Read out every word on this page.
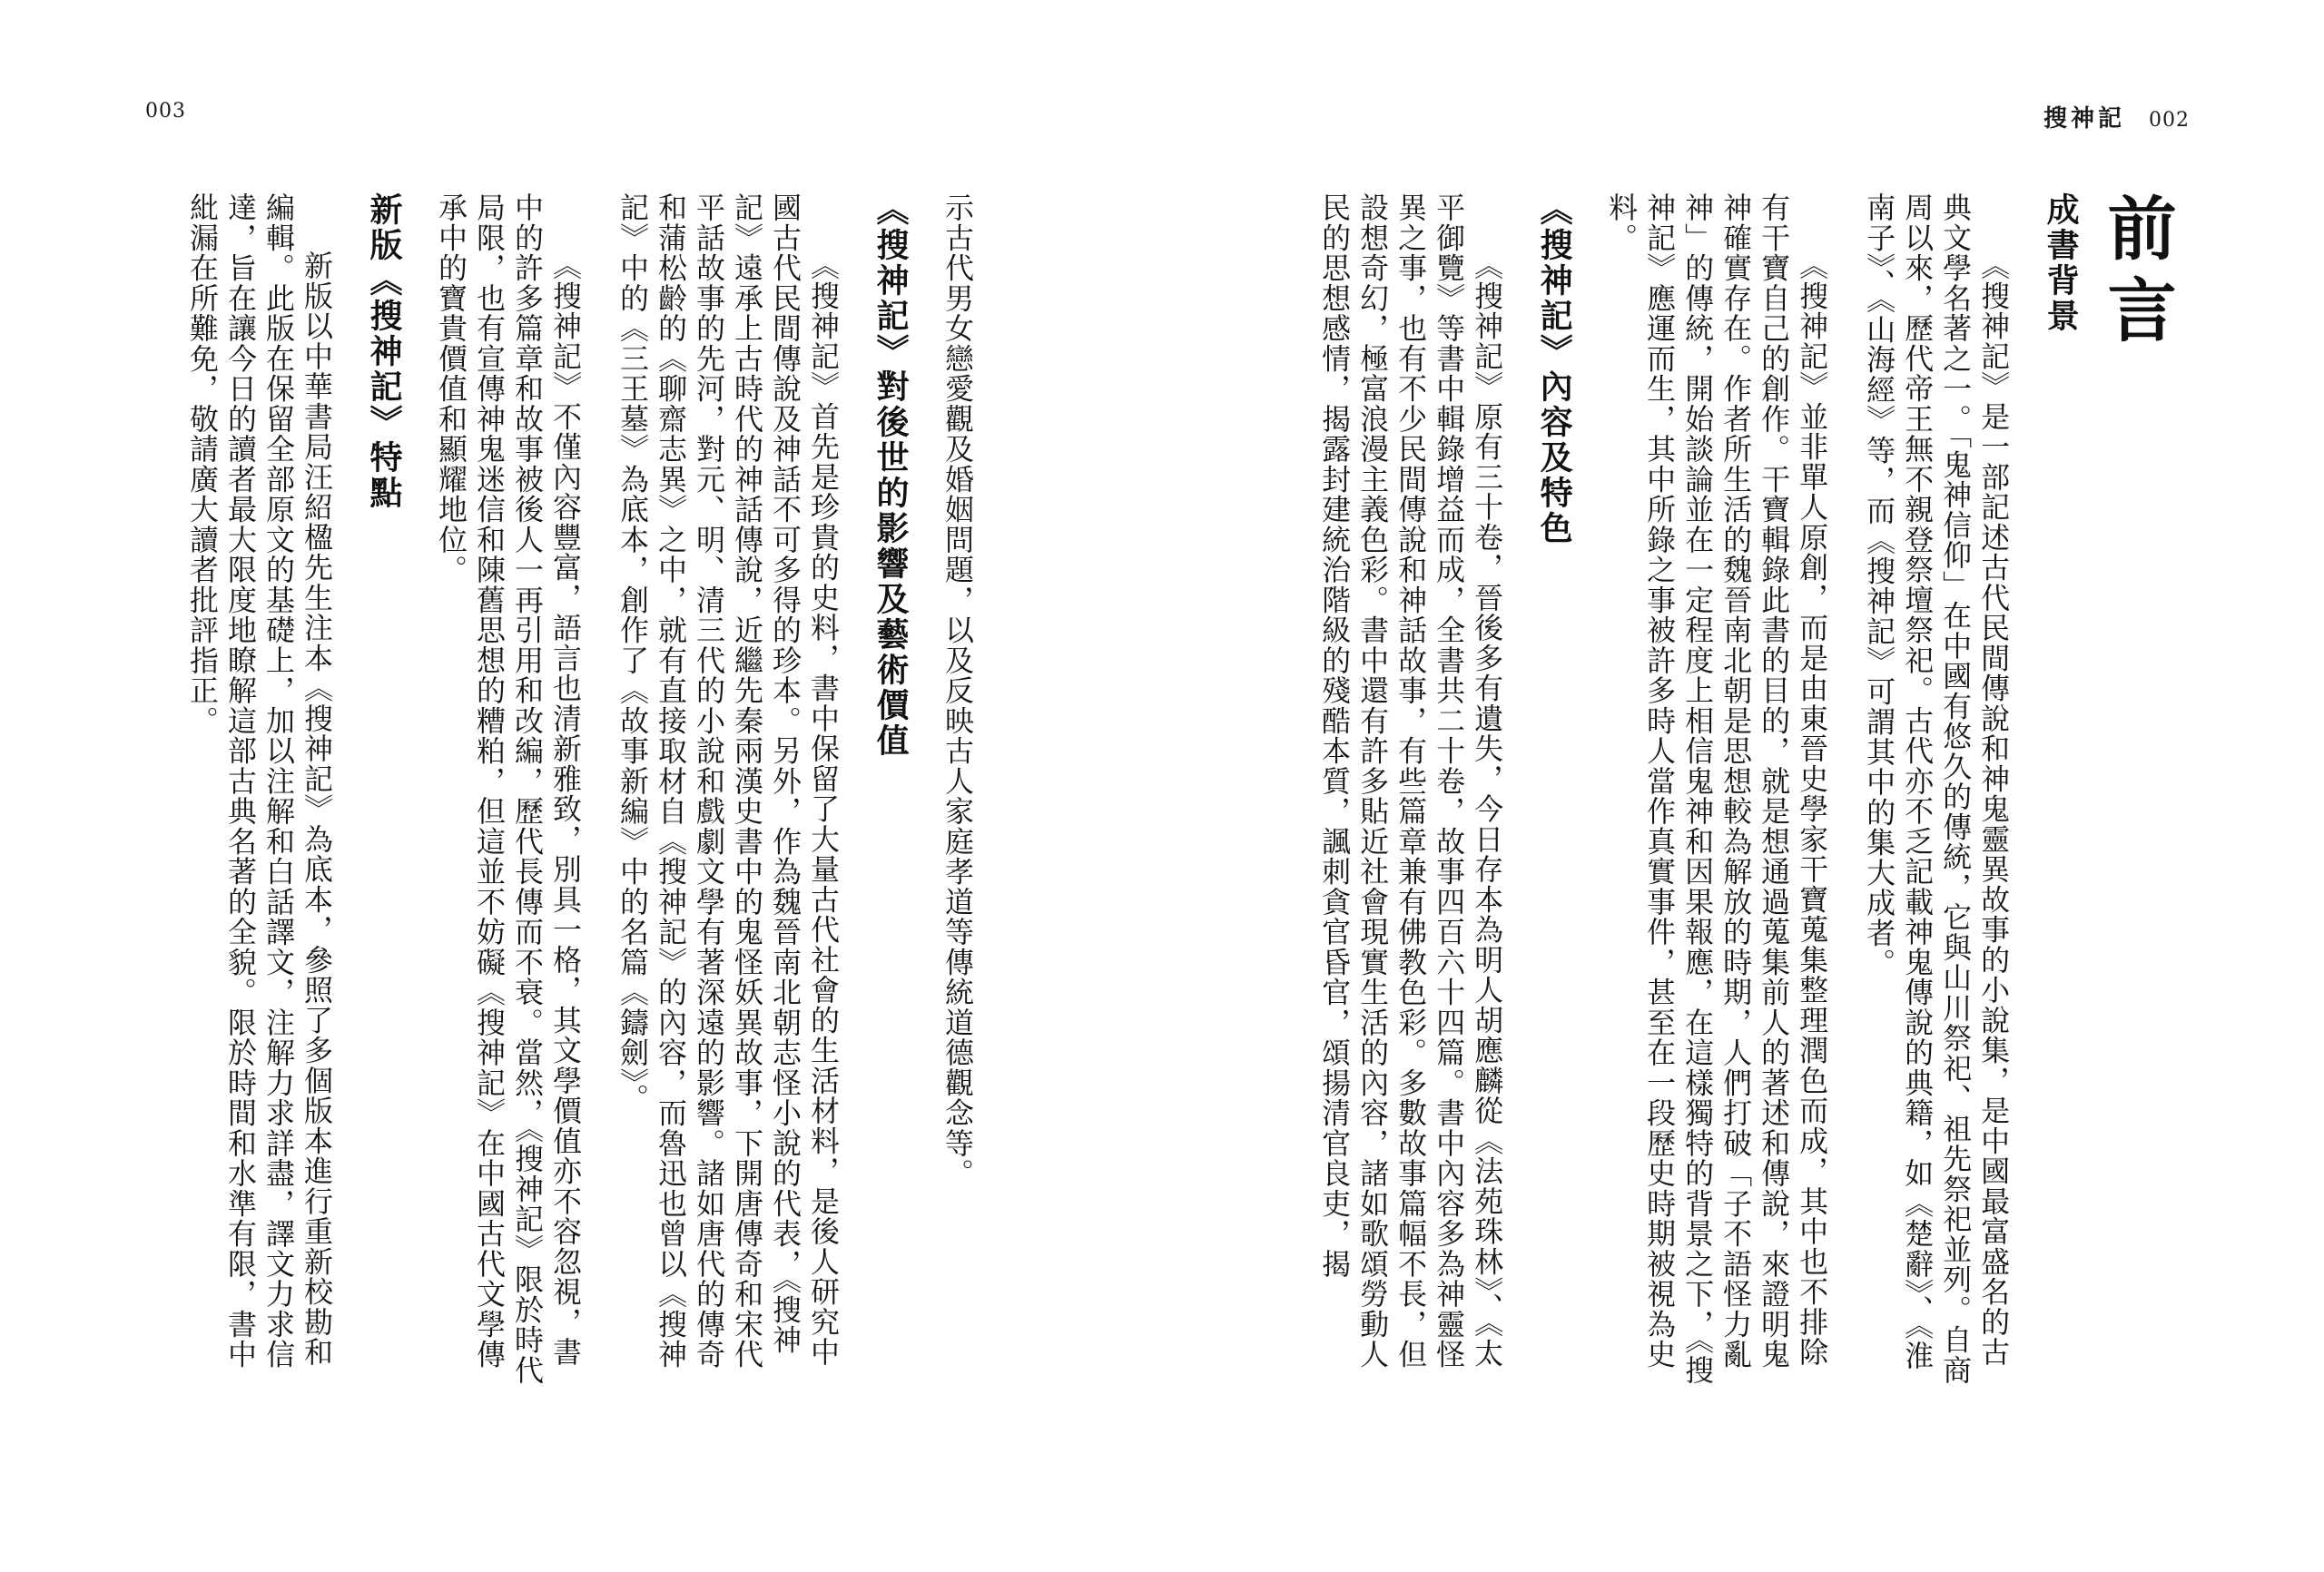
003

示古代男女戀愛觀及婚姻問題，以及反映古人家庭孝道等傳統道德觀念等。

《搜神記》對後世的影響及藝術價值

《搜神記》首先是珍貴的史料，書中保留了大量古代社會的生活材料，是後人研究中國古代民間傳說及神話不可多得的珍本。另外，作為魏晉南北朝志怪小說的代表，《搜神記》遠承上古時代的神話傳說，近繼先秦兩漢史書中的鬼怪妖異故事，下開唐傳奇和宋代平話故事的先河，對元、明、清三代的小說和戲劇文學有著深遠的影響。諸如唐代的傳奇和蒲松齡的《聊齋志異》之中，就有直接取材自《搜神記》的內容，而魯迅也曾以《搜神記》中的《三王墓》為底本，創作了《故事新編》中的名篇《鑄劍》。

《搜神記》不僅內容豐富，語言也清新雅致，別具一格，其文學價值亦不容忽視，書中的許多篇章和故事被後人一再引用和改編，歷代長傳而不衰。當然，《搜神記》限於時代局限，也有宣傳神鬼迷信和陳舊思想的糟粕，但這並不妨礙《搜神記》在中國古代文學傳承中的寶貴價值和顯耀地位。

新版《搜神記》特點

新版以中華書局汪紹楹先生注本《搜神記》為底本，參照了多個版本進行重新校勘和編輯。此版在保留全部原文的基礎上，加以注解和白話譯文，注解力求詳盡，譯文力求信達，旨在讓今日的讀者最大限度地瞭解這部古典名著的全貌。限於時間和水準有限，書中紕漏在所難免，敬請廣大讀者批評指正。

搜神記 002
前言
成書背景

《搜神記》是一部記述古代民間傳說和神鬼靈異故事的小說集，是中國最富盛名的古典文學名著之一。「鬼神信仰」在中國有悠久的傳統，它與山川祭祀、祖先祭祀並列。自商周以來，歷代帝王無不親登祭壇祭祀。古代亦不乏記載神鬼傳說的典籍，如《楚辭》、《淮南子》、《山海經》等，而《搜神記》可謂其中的集大成者。

《搜神記》並非單人原創，而是由東晉史學家干寶蒐集整理潤色而成，其中也不排除有干寶自己的創作。干寶輯錄此書的目的，就是想通過蒐集前人的著述和傳說，來證明鬼神確實存在。作者所生活的魏晉南北朝是思想較為解放的時期，人們打破「子不語怪力亂神」的傳統，開始談論並在一定程度上相信鬼神和因果報應，在這樣獨特的背景之下，《搜神記》應運而生，其中所錄之事被許多時人當作真實事件，甚至在一段歷史時期被視為史料。

《搜神記》內容及特色

《搜神記》原有三十卷，晉後多有遺失，今日存本為明人胡應麟從《法苑珠林》、《太平御覽》等書中輯錄增益而成，全書共二十卷，故事四百六十四篇。書中內容多為神靈怪異之事，也有不少民間傳說和神話故事，有些篇章兼有佛教色彩。多數故事篇幅不長，但設想奇幻，極富浪漫主義色彩。書中還有許多貼近社會現實生活的內容，諸如歌頌勞動人民的思想感情，揭露封建統治階級的殘酷本質，諷刺貪官昏官，頌揚清官良吏，揭
